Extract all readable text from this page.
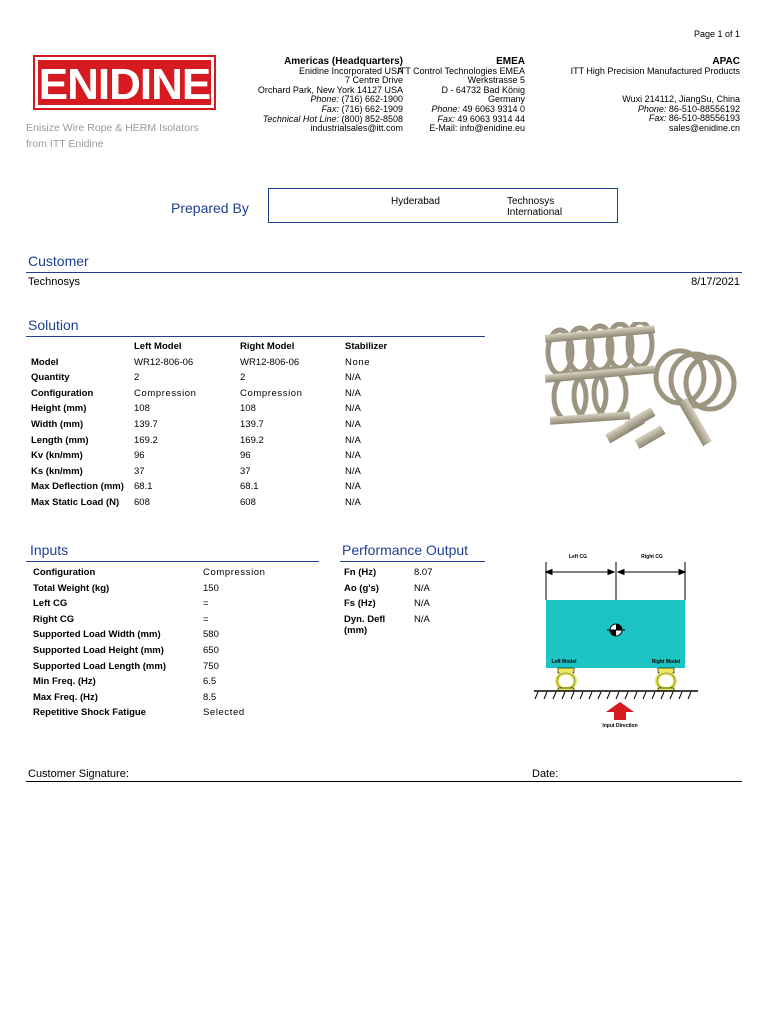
Page 1 of 1
ENIDINE
Enisize Wire Rope & HERM Isolators
from ITT Enidine
Americas (Headquarters)
Enidine Incorporated USA
7 Centre Drive
Orchard Park, New York 14127 USA
Phone: (716) 662-1900
Fax: (716) 662-1909
Technical Hot Line: (800) 852-8508
industrialsales@itt.com
EMEA
ITT Control Technologies EMEA
Werkstrasse 5
D - 64732 Bad König
Germany
Phone: 49 6063 9314 0
Fax: 49 6063 9314 44
E-Mail: info@enidine.eu
APAC
ITT High Precision Manufactured Products
Wuxi 214112, JiangSu, China
Phone: 86-510-88556192
Fax: 86-510-88556193
sales@enidine.cn
Prepared By	Hyderabad	Technosys
International
Customer
Technosys	8/17/2021
Solution
	Left Model	Right Model	Stabilizer
Model	WR12-806-06	WR12-806-06	None
Quantity	2	2	N/A
Configuration	Compression	Compression	N/A
Height (mm)	108	108	N/A
Width (mm)	139.7	139.7	N/A
Length (mm)	169.2	169.2	N/A
Kv (kn/mm)	96	96	N/A
Ks (kn/mm)	37	37	N/A
Max Deflection (mm)	68.1	68.1	N/A
Max Static Load (N)	608	608	N/A
Inputs
Configuration	Compression
Total Weight (kg)	150
Left CG	=
Right CG	=
Supported Load Width (mm)	580
Supported Load Height (mm)	650
Supported Load Length (mm)	750
Min Freq. (Hz)	6.5
Max Freq. (Hz)	8.5
Repetitive Shock Fatigue	Selected
Performance Output
Fn (Hz)	8.07
Ao (g's)	N/A
Fs (Hz)	N/A
Dyn. Defl (mm)	N/A
Left CG	Right CG
Left Model	Right Model
Input Direction
Customer Signature:	Date:
